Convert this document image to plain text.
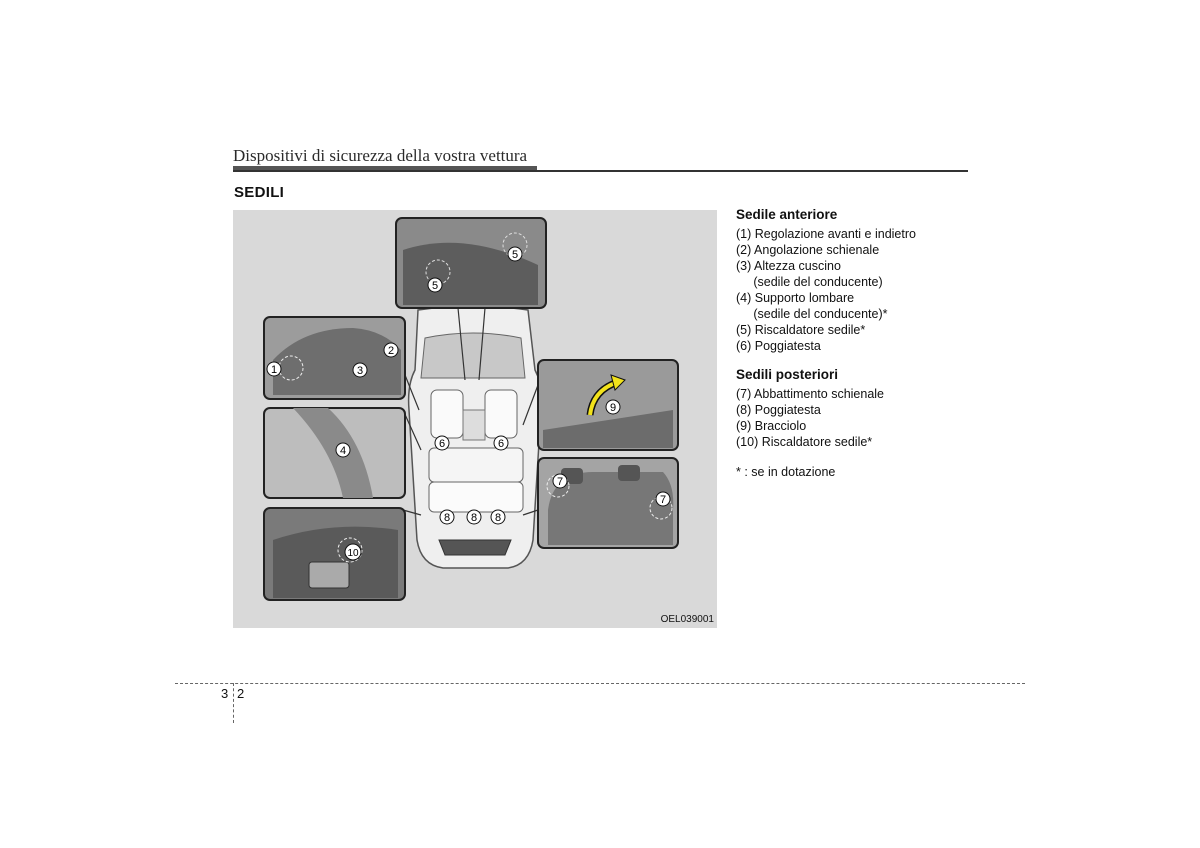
Dispositivi di sicurezza della vostra vettura
SEDILI
1
2
3
4
5
5
6	6
7
7
8 8 8
9
10
OEL039001
Sedile anteriore
(1) Regolazione avanti e indietro
(2) Angolazione schienale
(3) Altezza cuscino
(sedile del conducente)
(4) Supporto lombare
(sedile del conducente)*
(5) Riscaldatore sedile*
(6) Poggiatesta
Sedili posteriori
(7) Abbattimento schienale
(8) Poggiatesta
(9) Bracciolo
(10) Riscaldatore sedile*
* : se in dotazione
3 2
